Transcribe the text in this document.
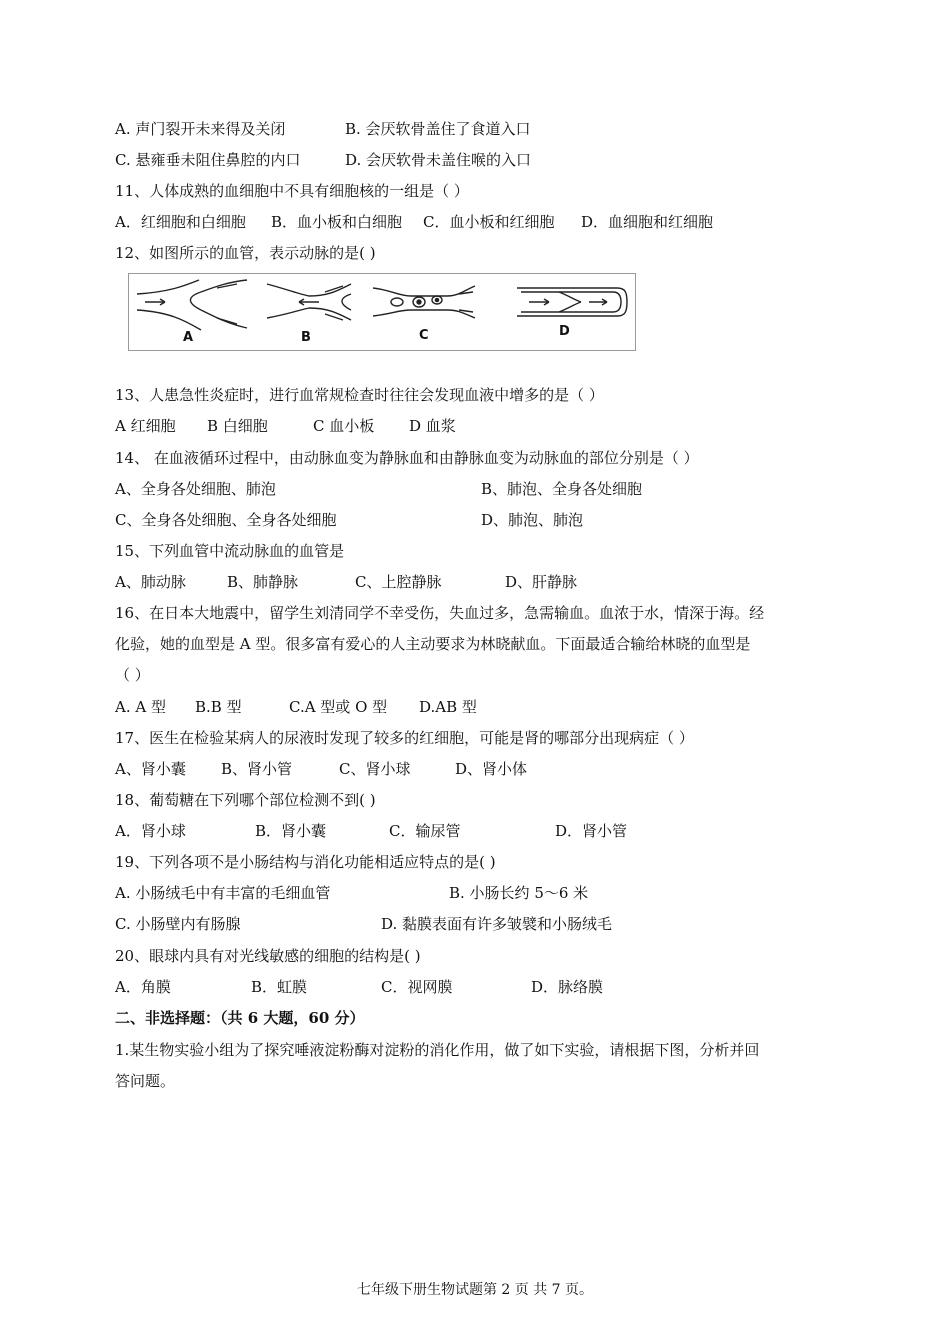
A. 声门裂开未来得及关闭	B. 会厌软骨盖住了食道入口
C. 悬雍垂未阻住鼻腔的内口	D. 会厌软骨未盖住喉的入口
11、人体成熟的血细胞中不具有细胞核的一组是（ ）
A．红细胞和白细胞 B．血小板和白细胞 C．血小板和红细胞 D．血细胞和红细胞
12、如图所示的血管，表示动脉的是( )
A	B	C	D
13、人患急性炎症时，进行血常规检查时往往会发现血液中增多的是（ ）
A 红细胞 B 白细胞	C 血小板 D 血浆
14、 在血液循环过程中，由动脉血变为静脉血和由静脉血变为动脉血的部位分别是（ ）
A、全身各处细胞、肺泡	B、肺泡、全身各处细胞
C、全身各处细胞、全身各处细胞	D、肺泡、肺泡
15、下列血管中流动脉血的血管是
A、肺动脉	B、肺静脉	C、上腔静脉	D、肝静脉
16、在日本大地震中，留学生刘清同学不幸受伤，失血过多，急需输血。血浓于水，情深于海。经
化验，她的血型是 A 型。很多富有爱心的人主动要求为林晓献血。下面最适合输给林晓的血型是
（ ）
A. A 型 B.B 型	C.A 型或 O 型 D.AB 型
17、医生在检验某病人的尿液时发现了较多的红细胞，可能是肾的哪部分出现病症（ ）
A、肾小囊 B、肾小管	C、肾小球	D、肾小体
18、葡萄糖在下列哪个部位检测不到( )
A．肾小球	B．肾小囊	C．输尿管	D．肾小管
19、下列各项不是小肠结构与消化功能相适应特点的是( )
A. 小肠绒毛中有丰富的毛细血管	B. 小肠长约 5～6 米
C. 小肠壁内有肠腺	D. 黏膜表面有许多皱襞和小肠绒毛
20、眼球内具有对光线敏感的细胞的结构是( )
A．角膜	B．虹膜	C．视网膜	D．脉络膜
二、非选择题：（共 6 大题，60 分）
1.某生物实验小组为了探究唾液淀粉酶对淀粉的消化作用，做了如下实验，请根据下图，分析并回
答问题。
七年级下册生物试题第 2 页 共 7 页。
